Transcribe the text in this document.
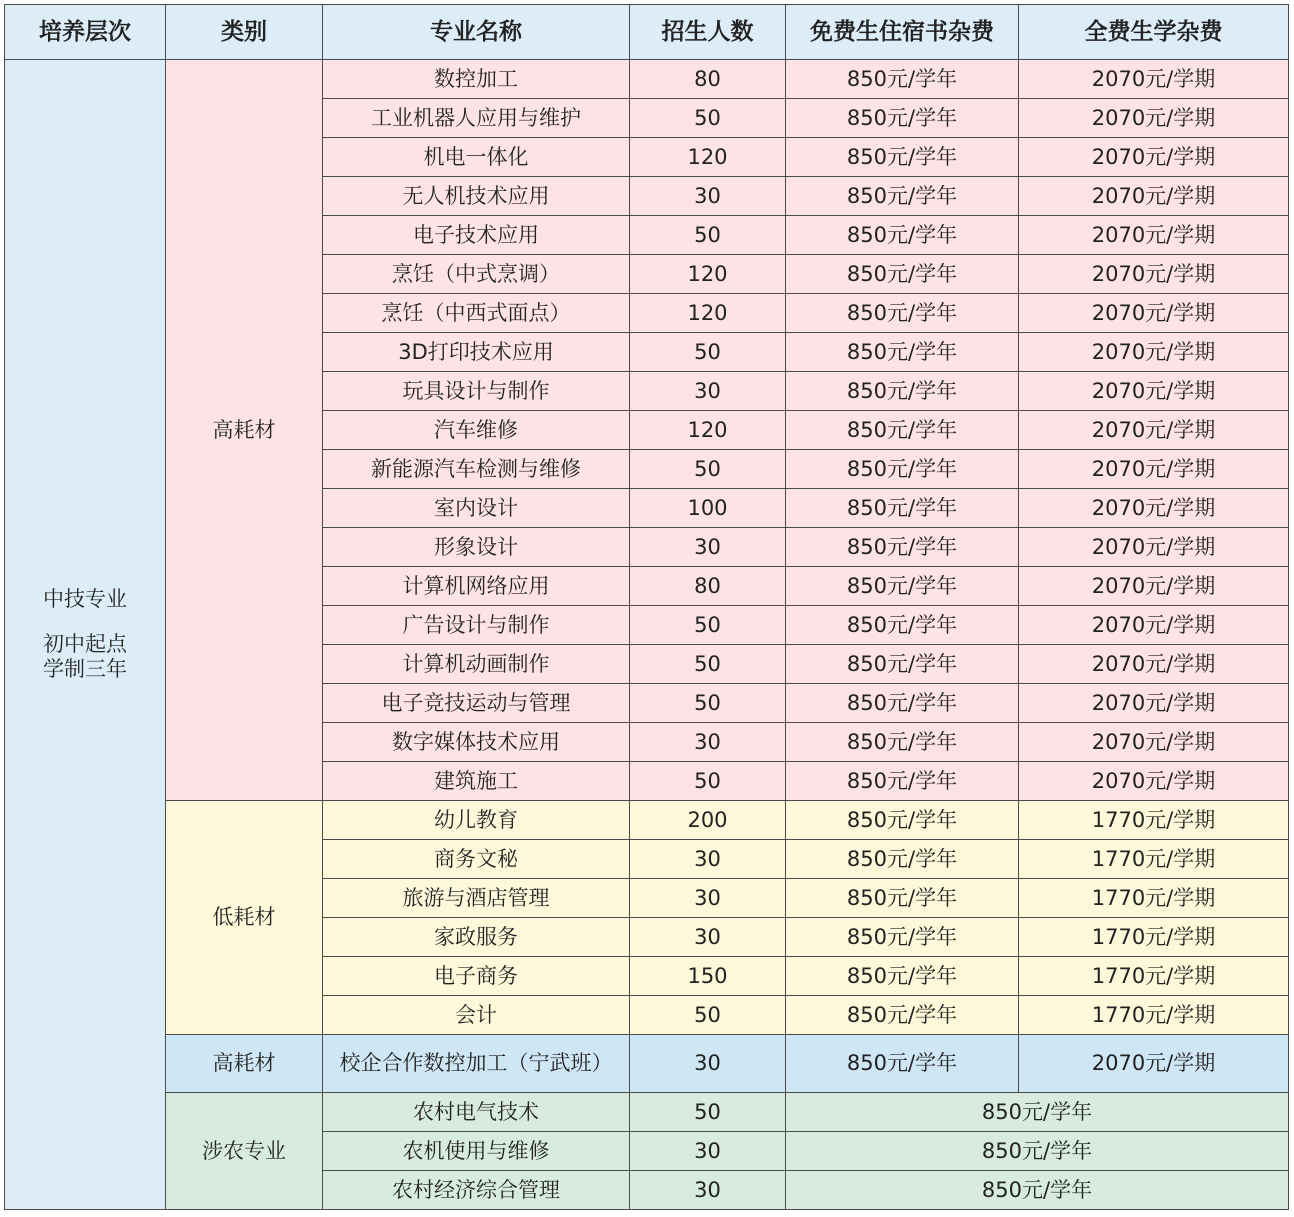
培养层次	类别	专业名称	招生人数	免费生住宿书杂费	全费生学杂费

中技专业
初中起点
学制三年	高耗材	数控加工	80	850元/学年	2070元/学期
		工业机器人应用与维护	50	850元/学年	2070元/学期
		机电一体化	120	850元/学年	2070元/学期
		无人机技术应用	30	850元/学年	2070元/学期
		电子技术应用	50	850元/学年	2070元/学期
		烹饪（中式烹调）	120	850元/学年	2070元/学期
		烹饪（中西式面点）	120	850元/学年	2070元/学期
		3D打印技术应用	50	850元/学年	2070元/学期
		玩具设计与制作	30	850元/学年	2070元/学期
		汽车维修	120	850元/学年	2070元/学期
		新能源汽车检测与维修	50	850元/学年	2070元/学期
		室内设计	100	850元/学年	2070元/学期
		形象设计	30	850元/学年	2070元/学期
		计算机网络应用	80	850元/学年	2070元/学期
		广告设计与制作	50	850元/学年	2070元/学期
		计算机动画制作	50	850元/学年	2070元/学期
		电子竞技运动与管理	50	850元/学年	2070元/学期
		数字媒体技术应用	30	850元/学年	2070元/学期
		建筑施工	50	850元/学年	2070元/学期
	低耗材	幼儿教育	200	850元/学年	1770元/学期
		商务文秘	30	850元/学年	1770元/学期
		旅游与酒店管理	30	850元/学年	1770元/学期
		家政服务	30	850元/学年	1770元/学期
		电子商务	150	850元/学年	1770元/学期
		会计	50	850元/学年	1770元/学期
	高耗材	校企合作数控加工（宁武班）	30	850元/学年	2070元/学期
	涉农专业	农村电气技术	50	850元/学年	
		农机使用与维修	30	850元/学年	
		农村经济综合管理	30	850元/学年	
